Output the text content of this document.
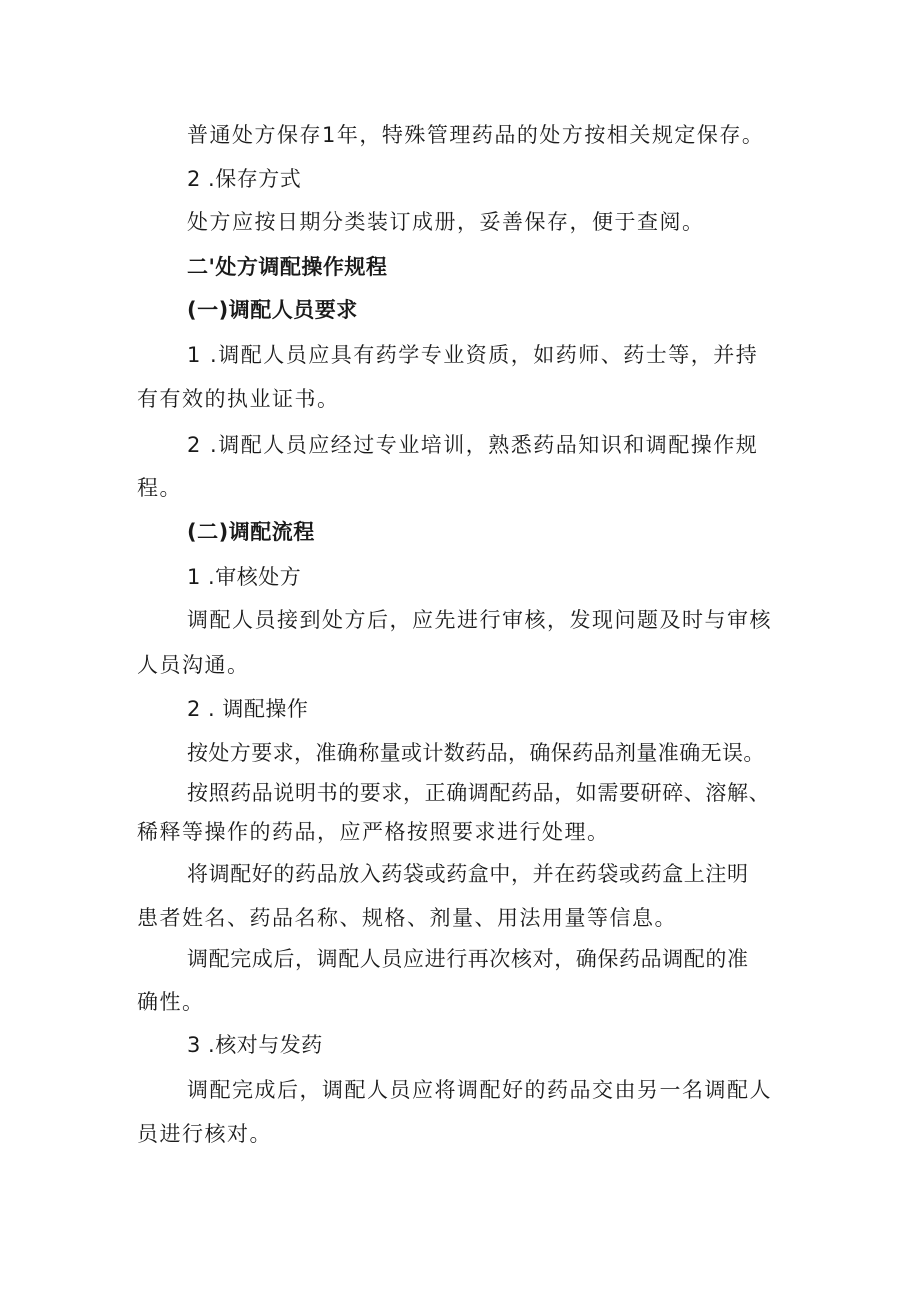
普通处方保存1年，特殊管理药品的处方按相关规定保存。

2 .保存方式

处方应按日期分类装订成册，妥善保存，便于查阅。

二'处方调配操作规程

(一)调配人员要求

1 .调配人员应具有药学专业资质，如药师、药士等，并持

有有效的执业证书。

2 .调配人员应经过专业培训，熟悉药品知识和调配操作规

程。

(二)调配流程

1 .审核处方

调配人员接到处方后，应先进行审核，发现问题及时与审核

人员沟通。

2 . 调配操作

按处方要求，准确称量或计数药品，确保药品剂量准确无误。

按照药品说明书的要求，正确调配药品，如需要研碎、溶解、

稀释等操作的药品，应严格按照要求进行处理。

将调配好的药品放入药袋或药盒中，并在药袋或药盒上注明

患者姓名、药品名称、规格、剂量、用法用量等信息。

调配完成后，调配人员应进行再次核对，确保药品调配的准

确性。

3 .核对与发药

调配完成后，调配人员应将调配好的药品交由另一名调配人

员进行核对。
